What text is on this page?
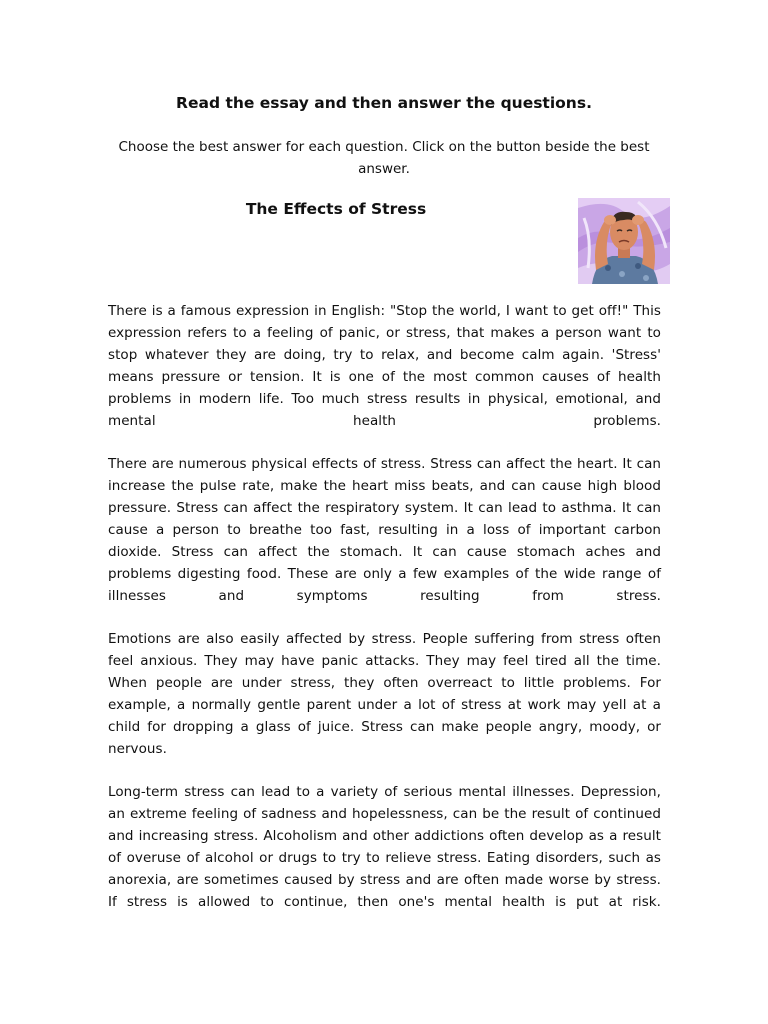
Read the essay and then answer the questions.

Choose the best answer for each question. Click on the button beside the best answer.

The Effects of Stress

There is a famous expression in English: "Stop the world, I want to get off!" This expression refers to a feeling of panic, or stress, that makes a person want to stop whatever they are doing, try to relax, and become calm again. 'Stress' means pressure or tension. It is one of the most common causes of health problems in modern life. Too much stress results in physical, emotional, and mental health problems.

There are numerous physical effects of stress. Stress can affect the heart. It can increase the pulse rate, make the heart miss beats, and can cause high blood pressure. Stress can affect the respiratory system. It can lead to asthma. It can cause a person to breathe too fast, resulting in a loss of important carbon dioxide. Stress can affect the stomach. It can cause stomach aches and problems digesting food. These are only a few examples of the wide range of illnesses and symptoms resulting from stress.

Emotions are also easily affected by stress. People suffering from stress often feel anxious. They may have panic attacks. They may feel tired all the time. When people are under stress, they often overreact to little problems. For example, a normally gentle parent under a lot of stress at work may yell at a child for dropping a glass of juice. Stress can make people angry, moody, or nervous.

Long-term stress can lead to a variety of serious mental illnesses. Depression, an extreme feeling of sadness and hopelessness, can be the result of continued and increasing stress. Alcoholism and other addictions often develop as a result of overuse of alcohol or drugs to try to relieve stress. Eating disorders, such as anorexia, are sometimes caused by stress and are often made worse by stress. If stress is allowed to continue, then one's mental health is put at risk.
